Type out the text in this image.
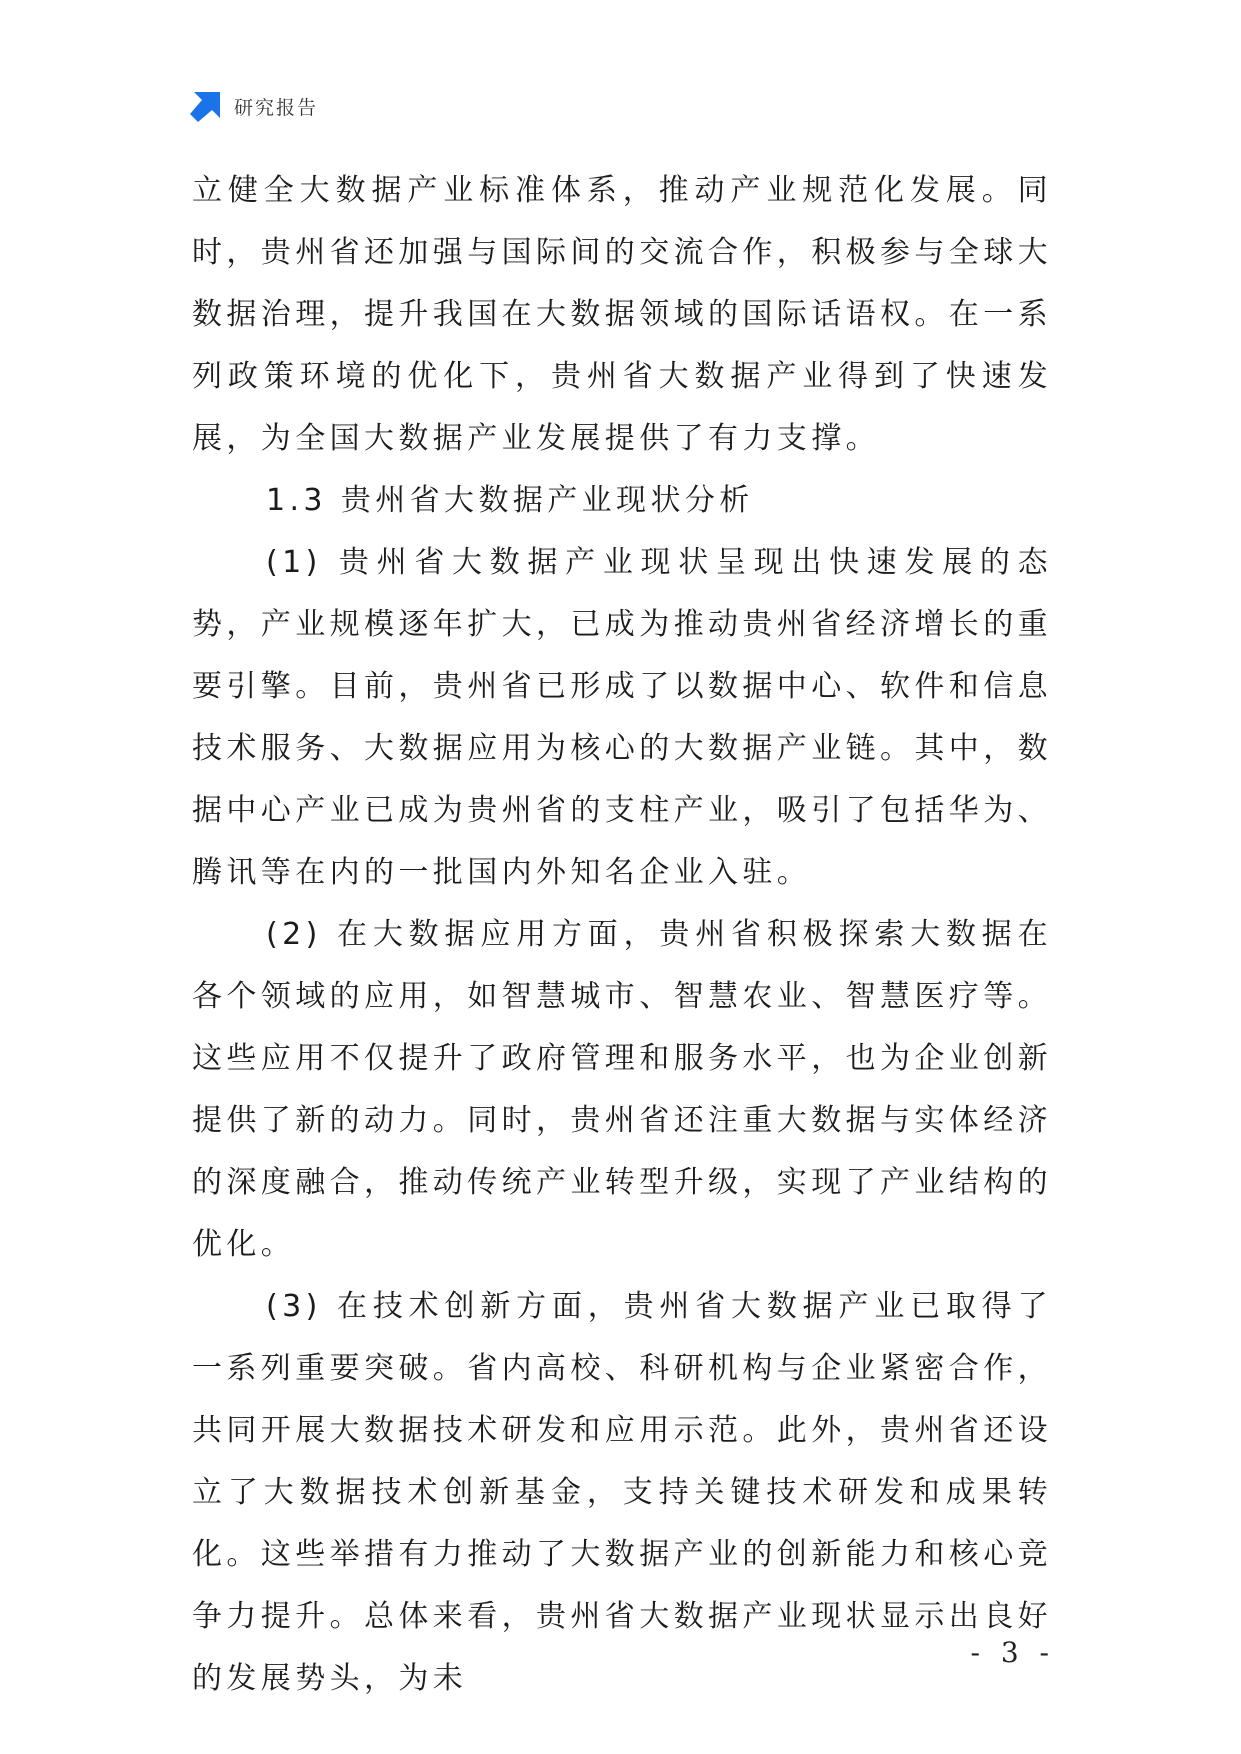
研究报告

立健全大数据产业标准体系，推动产业规范化发展。同时，贵州省还加强与国际间的交流合作，积极参与全球大数据治理，提升我国在大数据领域的国际话语权。在一系列政策环境的优化下，贵州省大数据产业得到了快速发展，为全国大数据产业发展提供了有力支撑。

1.3 贵州省大数据产业现状分析

(1) 贵州省大数据产业现状呈现出快速发展的态势，产业规模逐年扩大，已成为推动贵州省经济增长的重要引擎。目前，贵州省已形成了以数据中心、软件和信息技术服务、大数据应用为核心的大数据产业链。其中，数据中心产业已成为贵州省的支柱产业，吸引了包括华为、腾讯等在内的一批国内外知名企业入驻。

(2) 在大数据应用方面，贵州省积极探索大数据在各个领域的应用，如智慧城市、智慧农业、智慧医疗等。这些应用不仅提升了政府管理和服务水平，也为企业创新提供了新的动力。同时，贵州省还注重大数据与实体经济的深度融合，推动传统产业转型升级，实现了产业结构的优化。

(3) 在技术创新方面，贵州省大数据产业已取得了一系列重要突破。省内高校、科研机构与企业紧密合作，共同开展大数据技术研发和应用示范。此外，贵州省还设立了大数据技术创新基金，支持关键技术研发和成果转化。这些举措有力推动了大数据产业的创新能力和核心竞争力提升。总体来看，贵州省大数据产业现状显示出良好的发展势头，为未

- 3 -
